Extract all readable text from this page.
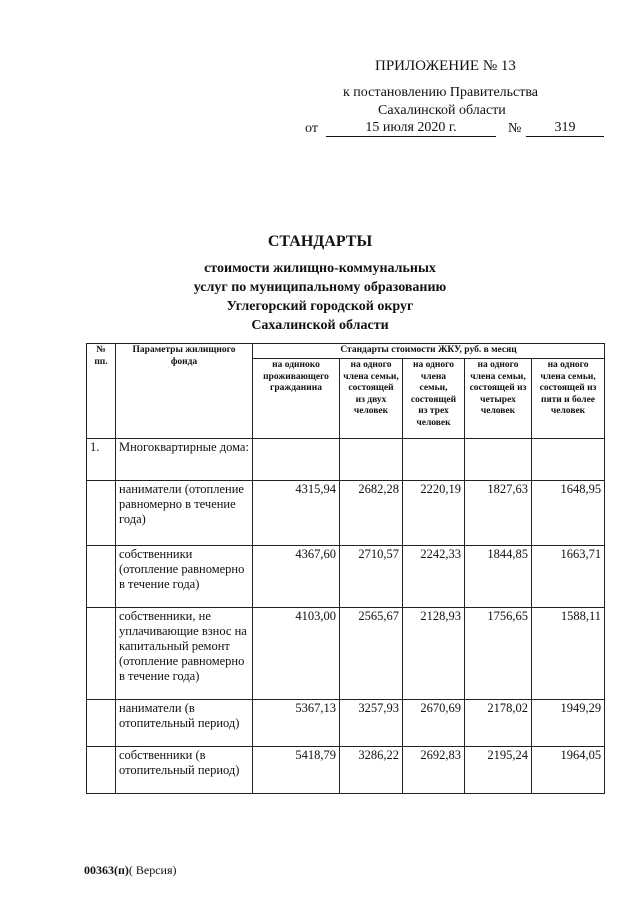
ПРИЛОЖЕНИЕ № 13
к постановлению Правительства
Сахалинской области
от	15 июля 2020 г.	№	319
СТАНДАРТЫ
стоимости жилищно-коммунальных
услуг по муниципальному образованию
Углегорский городской округ
Сахалинской области
№ пп.	Параметры жилищного фонда	Стандарты стоимости ЖКУ, руб. в месяц				
		на одиноко проживающего гражданина	на одного члена семьи, состоящей из двух человек	на одного члена семьи, состоящей из трех человек	на одного члена семьи, состоящей из четырех человек	на одного члена семьи, состоящей из пяти и более человек
1.	Многоквартирные дома:					
	наниматели (отопление равномерно в течение года)	4315,94	2682,28	2220,19	1827,63	1648,95
	собственники (отопление равномерно в течение года)	4367,60	2710,57	2242,33	1844,85	1663,71
	собственники, не уплачивающие взнос на капитальный ремонт (отопление равномерно в течение года)	4103,00	2565,67	2128,93	1756,65	1588,11
	наниматели (в отопительный период)	5367,13	3257,93	2670,69	2178,02	1949,29
	собственники (в отопительный период)	5418,79	3286,22	2692,83	2195,24	1964,05
00363(п)( Версия)
